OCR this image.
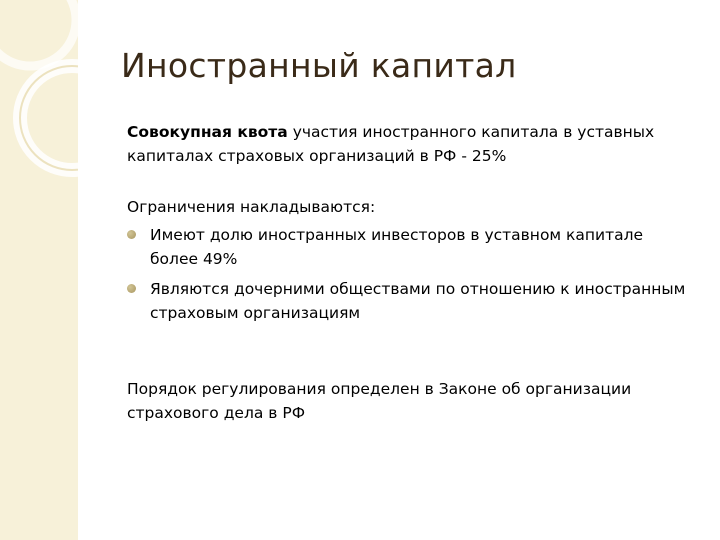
Иностранный капитал

Совокупная квота участия иностранного капитала в уставных капиталах страховых организаций в РФ - 25%

Ограничения накладываются:

Имеют долю иностранных инвесторов в уставном капитале более 49%
Являются дочерними обществами по отношению к иностранным страховым организациям

Порядок регулирования определен в Законе об организации страхового дела в РФ
